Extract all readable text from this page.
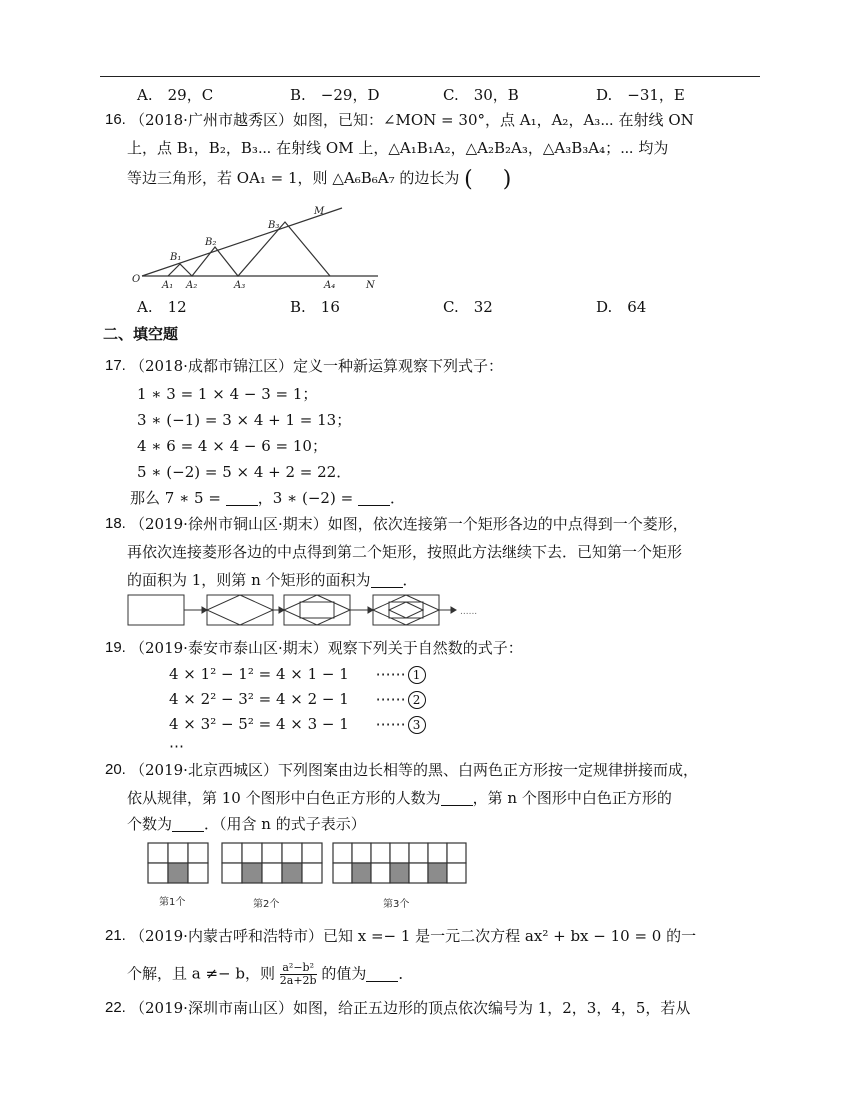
A.　29，C	B.　−29，D	C.　30，B	D.　−31，E
16. （2018·广州市越秀区）如图，已知：∠MON = 30°，点 A₁，A₂，A₃⋯ 在射线 ON
上，点 B₁，B₂，B₃⋯ 在射线 OM 上，△A₁B₁A₂，△A₂B₂A₃，△A₃B₃A₄；⋯ 均为
等边三角形，若 OA₁ = 1，则 △A₆B₆A₇ 的边长为 ( )
O
A₁ A₂	A₃	A₄	N
B₁
B₂
B₃
M
A.　12	B.　16	C.　32	D.　64
二、填空题
17. （2018·成都市锦江区）定义一种新运算观察下列式子：
1 ∗ 3 = 1 × 4 − 3 = 1；
3 ∗ (−1) = 3 × 4 + 1 = 13；
4 ∗ 6 = 4 × 4 − 6 = 10；
5 ∗ (−2) = 5 × 4 + 2 = 22．
那么 7 ∗ 5 = ，3 ∗ (−2) = ．
18. （2019·徐州市铜山区·期末）如图，依次连接第一个矩形各边的中点得到一个菱形，
再依次连接菱形各边的中点得到第二个矩形，按照此方法继续下去．已知第一个矩形
的面积为 1，则第 n 个矩形的面积为 ．
......
19. （2019·泰安市泰山区·期末）观察下列关于自然数的式子：
4 × 1² − 1² = 4 × 1 − 1 ⋯⋯ 1
4 × 2² − 3² = 4 × 2 − 1 ⋯⋯ 2
4 × 3² − 5² = 4 × 3 − 1 ⋯⋯ 3
⋯
20. （2019·北京西城区）下列图案由边长相等的黑、白两色正方形按一定规律拼接而成，
依从规律，第 10 个图形中白色正方形的人数为 ，第 n 个图形中白色正方形的
个数为 ．（用含 n 的式子表示）
第1个	第2个	第3个
21. （2019·内蒙古呼和浩特市）已知 x =− 1 是一元二次方程 ax² + bx − 10 = 0 的一
个解，且 a ≠− b，则 $\frac{\text{a²−b²}}{2a+2b}$ 的值为 ．
22. （2019·深圳市南山区）如图，给正五边形的顶点依次编号为 1，2，3，4，5，若从
